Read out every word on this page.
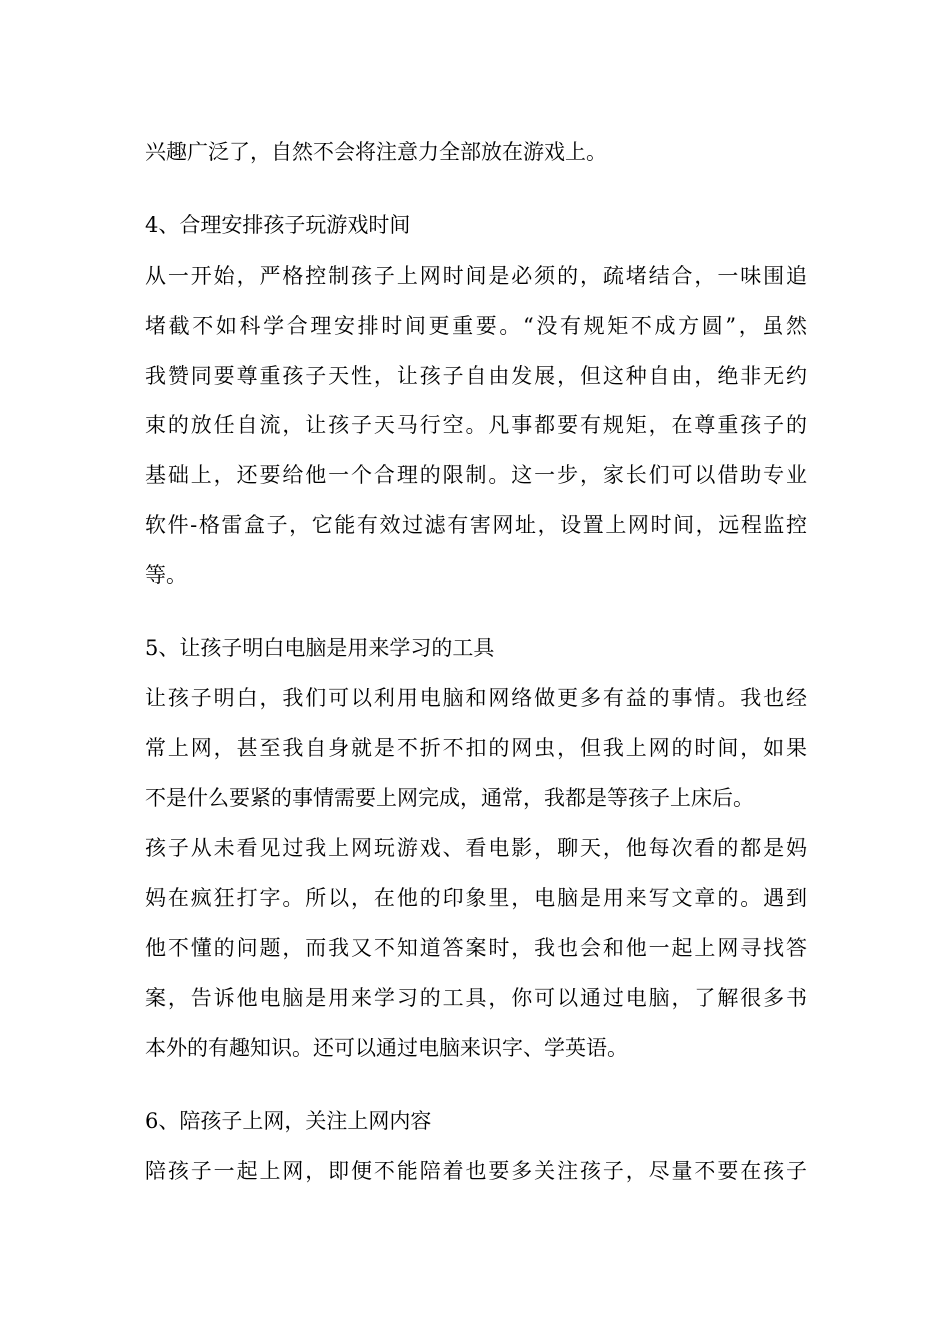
兴趣广泛了，自然不会将注意力全部放在游戏上。
4、合理安排孩子玩游戏时间
从一开始，严格控制孩子上网时间是必须的，疏堵结合，一味围追
堵截不如科学合理安排时间更重要。“没有规矩不成方圆”，虽然
我赞同要尊重孩子天性，让孩子自由发展，但这种自由，绝非无约
束的放任自流，让孩子天马行空。凡事都要有规矩，在尊重孩子的
基础上，还要给他一个合理的限制。这一步，家长们可以借助专业
软件-格雷盒子，它能有效过滤有害网址，设置上网时间，远程监控
等。
5、让孩子明白电脑是用来学习的工具
让孩子明白，我们可以利用电脑和网络做更多有益的事情。我也经
常上网，甚至我自身就是不折不扣的网虫，但我上网的时间，如果
不是什么要紧的事情需要上网完成，通常，我都是等孩子上床后。
孩子从未看见过我上网玩游戏、看电影，聊天，他每次看的都是妈
妈在疯狂打字。所以，在他的印象里，电脑是用来写文章的。遇到
他不懂的问题，而我又不知道答案时，我也会和他一起上网寻找答
案，告诉他电脑是用来学习的工具，你可以通过电脑，了解很多书
本外的有趣知识。还可以通过电脑来识字、学英语。
6、陪孩子上网，关注上网内容
陪孩子一起上网，即便不能陪着也要多关注孩子，尽量不要在孩子
